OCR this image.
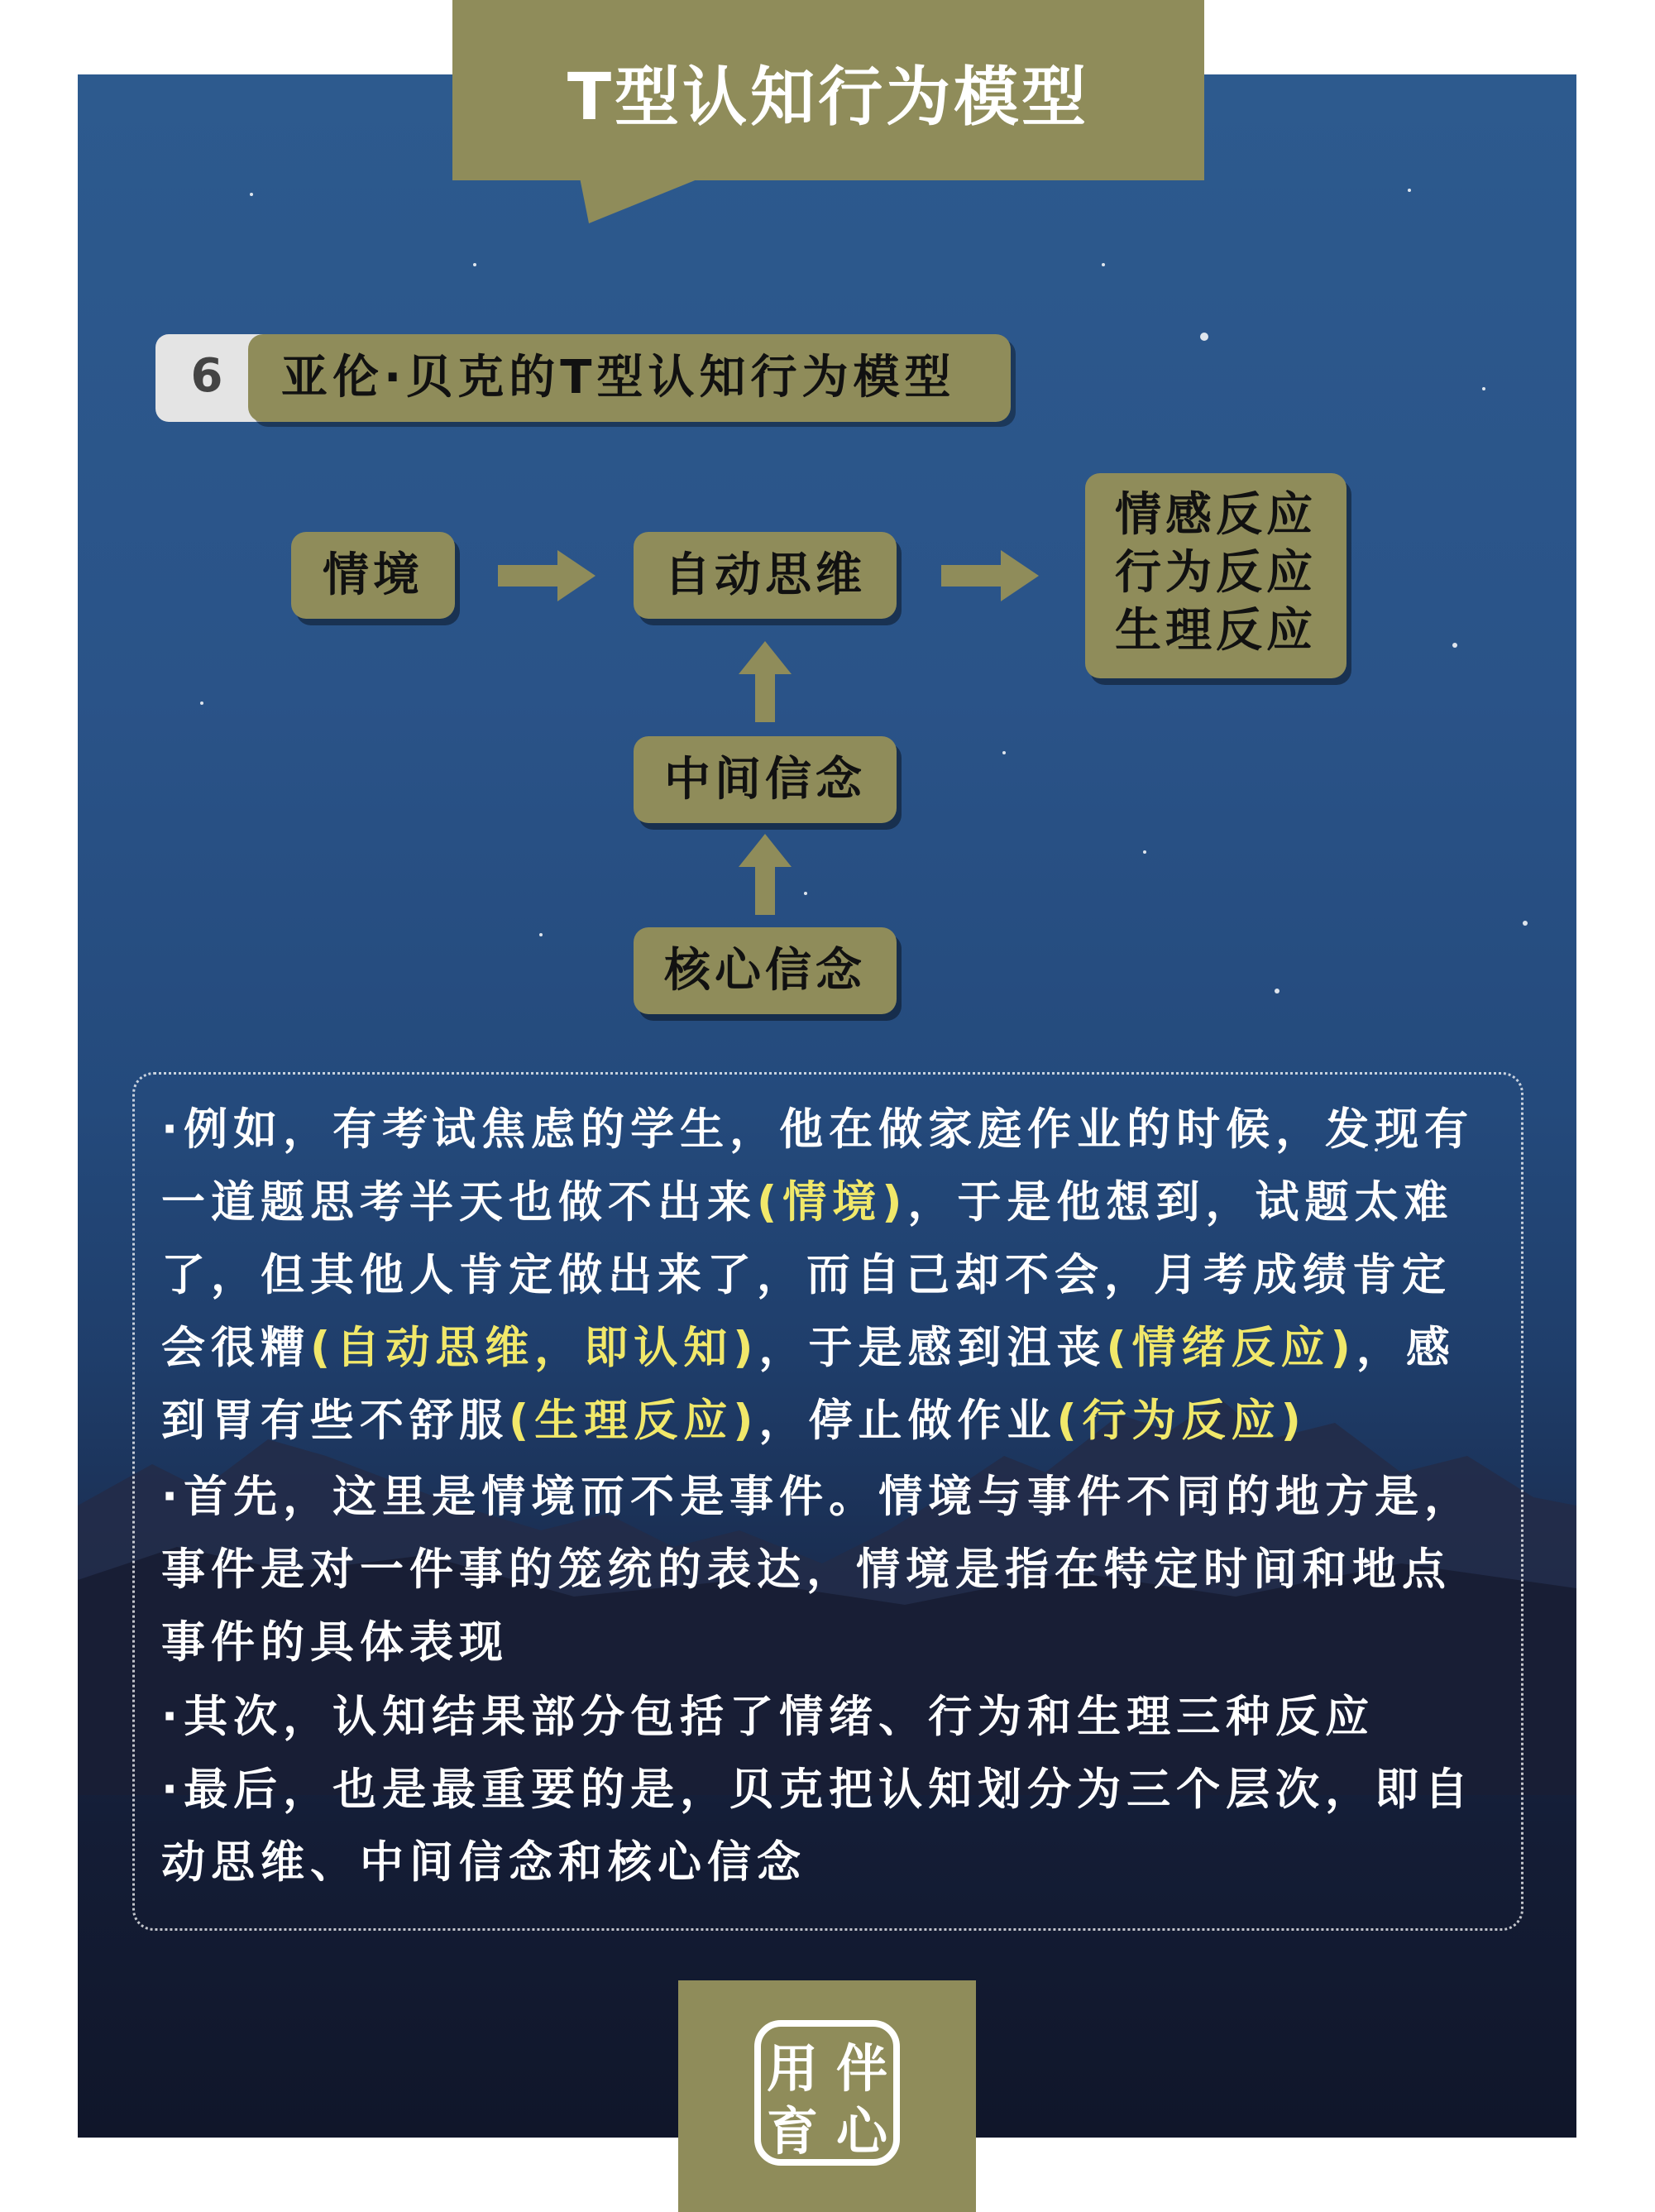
T型认知行为模型
6	亚伦·贝克的T型认知行为模型
情境	自动思维
中间信念
核心信念
情感反应
行为反应
生理反应
·例如，有考试焦虑的学生，他在做家庭作业的时候，发现有一道题思考半天也做不出来(情境)，于是他想到，试题太难了，但其他人肯定做出来了，而自己却不会，月考成绩肯定会很糟(自动思维，即认知)，于是感到沮丧(情绪反应)，感到胃有些不舒服(生理反应)，停止做作业(行为反应)
·首先，这里是情境而不是事件。情境与事件不同的地方是，事件是对一件事的笼统的表达，情境是指在特定时间和地点事件的具体表现
·其次，认知结果部分包括了情绪、行为和生理三种反应
·最后，也是最重要的是，贝克把认知划分为三个层次，即自动思维、中间信念和核心信念
用 伴
育 心
